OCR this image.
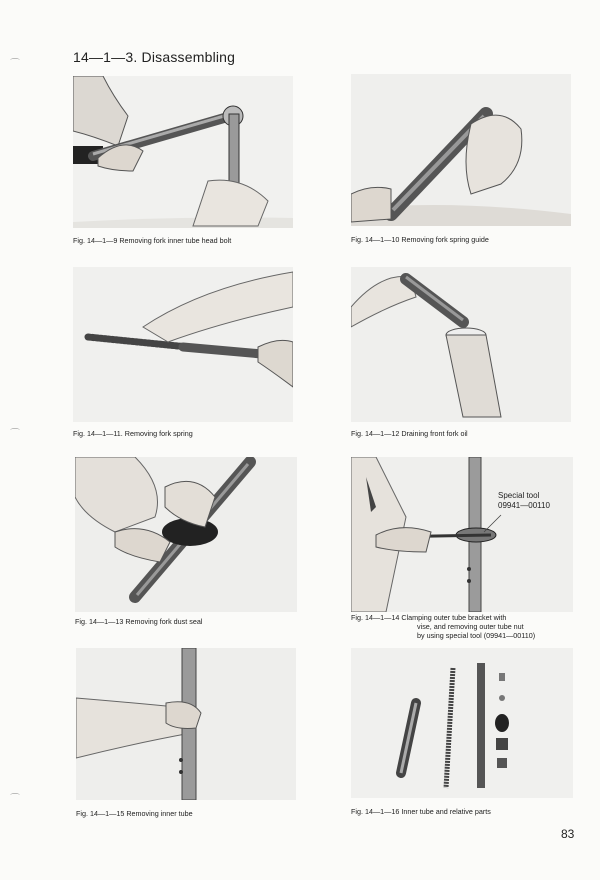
14—1—3. Disassembling
⌒
⌒
⌒
Fig. 14—1—9 Removing fork inner tube head bolt	Fig. 14—1—10 Removing fork spring guide
Fig. 14—1—11. Removing fork spring	Fig. 14—1—12 Draining front fork oil
Fig. 14—1—13 Removing fork dust seal
Special tool
09941—00110
Fig. 14—1—14 Clamping outer tube bracket with
vise, and removing outer tube nut
by using special tool (09941—00110)
Fig. 14—1—15 Removing inner tube	Fig. 14—1—16 Inner tube and relative parts
83
